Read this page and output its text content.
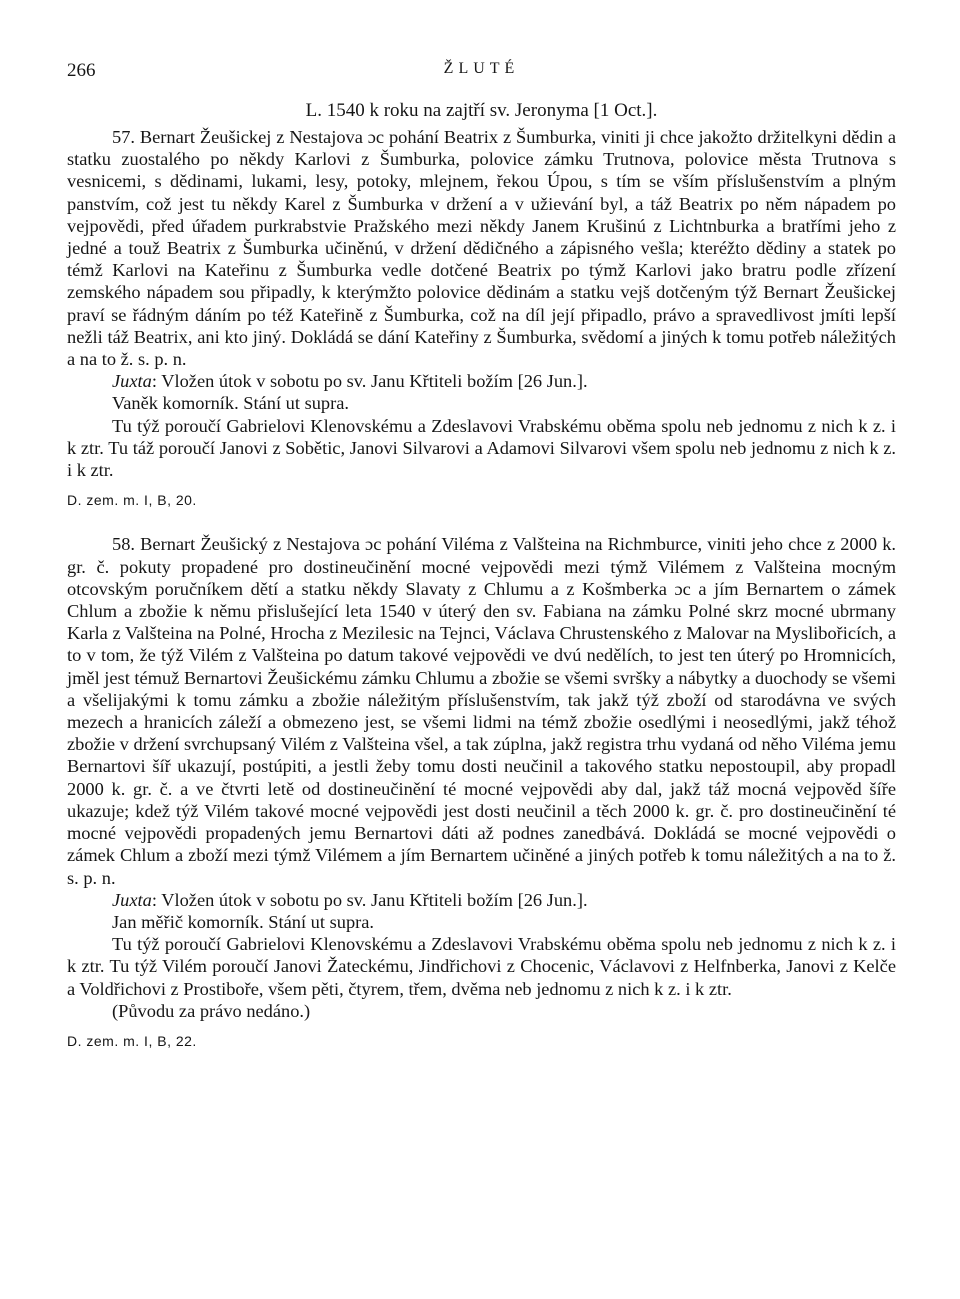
266	ŽLUTÉ
L. 1540 k roku na zajtří sv. Jeronyma [1 Oct.].

57. Bernart Žeušickej z Nestajova ɔc pohání Beatrix z Šumburka, viniti ji chce jakožto držitelkyni dědin a statku zuostalého po někdy Karlovi z Šumburka, polovice zámku Trutnova, polovice města Trutnova s vesnicemi, s dědinami, lukami, lesy, potoky, mlejnem, řekou Úpou, s tím se vším příslušenstvím a plným panstvím, což jest tu někdy Karel z Šumburka v držení a v užievání byl, a táž Beatrix po něm nápadem po vejpovědi, před úřadem purkrabstvie Pražského mezi někdy Janem Krušinú z Lichtnburka a bratřími jeho z jedné a touž Beatrix z Šumburka učiněnú, v držení dědičného a zápisného vešla; kteréžto dědiny a statek po témž Karlovi na Kateřinu z Šumburka vedle dotčené Beatrix po týmž Karlovi jako bratru podle zřízení zemského nápadem sou připadly, k kterýmžto polovice dědinám a statku vejš dotčeným týž Bernart Žeušickej praví se řádným dáním po též Kateřině z Šumburka, což na díl její připadlo, právo a spravedlivost jmíti lepší nežli táž Beatrix, ani kto jiný. Dokládá se dání Kateřiny z Šumburka, svědomí a jiných k tomu potřeb náležitých a na to ž. s. p. n.

Juxta: Vložen útok v sobotu po sv. Janu Křtiteli božím [26 Jun.].

Vaněk komorník. Stání ut supra.

Tu týž poroučí Gabrielovi Klenovskému a Zdeslavovi Vrabskému oběma spolu neb jednomu z nich k z. i k ztr. Tu táž poroučí Janovi z Sobětic, Janovi Silvarovi a Adamovi Silvarovi všem spolu neb jednomu z nich k z. i k ztr.

D. zem. m. I, B, 20.

58. Bernart Žeušický z Nestajova ɔc pohání Viléma z Valšteina na Richmburce, viniti jeho chce z 2000 k. gr. č. pokuty propadené pro dostineučinění mocné vejpovědi mezi týmž Vilémem z Valšteina mocným otcovským poručníkem dětí a statku někdy Slavaty z Chlumu a z Košmberka ɔc a jím Bernartem o zámek Chlum a zbožie k němu přislušející leta 1540 v úterý den sv. Fabiana na zámku Polné skrz mocné ubrmany Karla z Valšteina na Polné, Hrocha z Mezilesic na Tejnci, Václava Chrustenského z Malovar na Myslibořicích, a to v tom, že týž Vilém z Valšteina po datum takové vejpovědi ve dvú nedělích, to jest ten úterý po Hromnicích, jměl jest témuž Bernartovi Žeušickému zámku Chlumu a zbožie se všemi svršky a nábytky a duochody se všemi a všelijakými k tomu zámku a zbožie náležitým příslušenstvím, tak jakž týž zboží od starodávna ve svých mezech a hranicích záleží a obmezeno jest, se všemi lidmi na témž zbožie osedlými i neosedlými, jakž téhož zbožie v držení svrchupsaný Vilém z Valšteina všel, a tak zúplna, jakž registra trhu vydaná od něho Viléma jemu Bernartovi šíř ukazují, postúpiti, a jestli žeby tomu dosti neučinil a takového statku nepostoupil, aby propadl 2000 k. gr. č. a ve čtvrti letě od dostineučinění té mocné vejpovědi aby dal, jakž táž mocná vejpověd šíře ukazuje; kdež týž Vilém takové mocné vejpovědi jest dosti neučinil a těch 2000 k. gr. č. pro dostineučinění té mocné vejpovědi propadených jemu Bernartovi dáti až podnes zanedbává. Dokládá se mocné vejpovědi o zámek Chlum a zboží mezi týmž Vilémem a jím Bernartem učiněné a jiných potřeb k tomu náležitých a na to ž. s. p. n.

Juxta: Vložen útok v sobotu po sv. Janu Křtiteli božím [26 Jun.].

Jan měřič komorník. Stání ut supra.

Tu týž poroučí Gabrielovi Klenovskému a Zdeslavovi Vrabskému oběma spolu neb jednomu z nich k z. i k ztr. Tu týž Vilém poroučí Janovi Žateckému, Jindřichovi z Chocenic, Václavovi z Helfnberka, Janovi z Kelče a Voldřichovi z Prostiboře, všem pěti, čtyrem, třem, dvěma neb jednomu z nich k z. i k ztr.

(Původu za právo nedáno.)

D. zem. m. I, B, 22.
